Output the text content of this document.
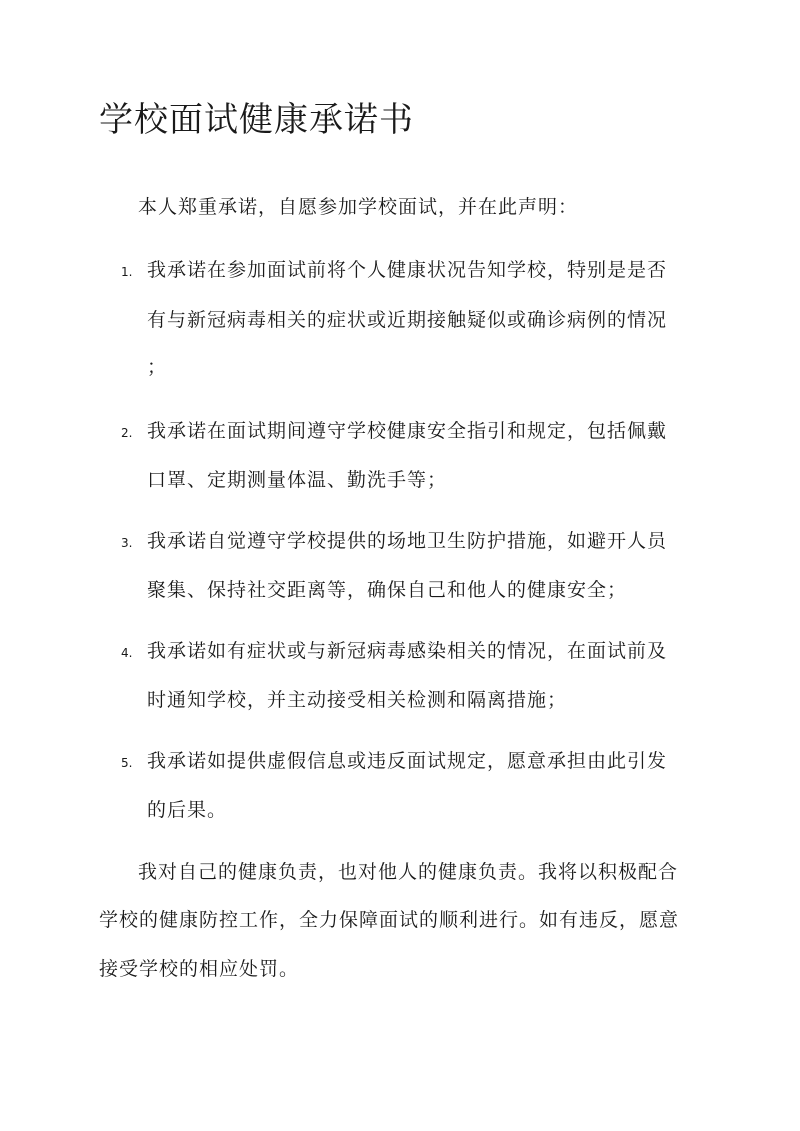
学校面试健康承诺书
本人郑重承诺，自愿参加学校面试，并在此声明：
1. 我承诺在参加面试前将个人健康状况告知学校，特别是是否
有与新冠病毒相关的症状或近期接触疑似或确诊病例的情况
；
2. 我承诺在面试期间遵守学校健康安全指引和规定，包括佩戴
口罩、定期测量体温、勤洗手等；
3. 我承诺自觉遵守学校提供的场地卫生防护措施，如避开人员
聚集、保持社交距离等，确保自己和他人的健康安全；
4. 我承诺如有症状或与新冠病毒感染相关的情况，在面试前及
时通知学校，并主动接受相关检测和隔离措施；
5. 我承诺如提供虚假信息或违反面试规定，愿意承担由此引发
的后果。
我对自己的健康负责，也对他人的健康负责。我将以积极配合
学校的健康防控工作，全力保障面试的顺利进行。如有违反，愿意
接受学校的相应处罚。
